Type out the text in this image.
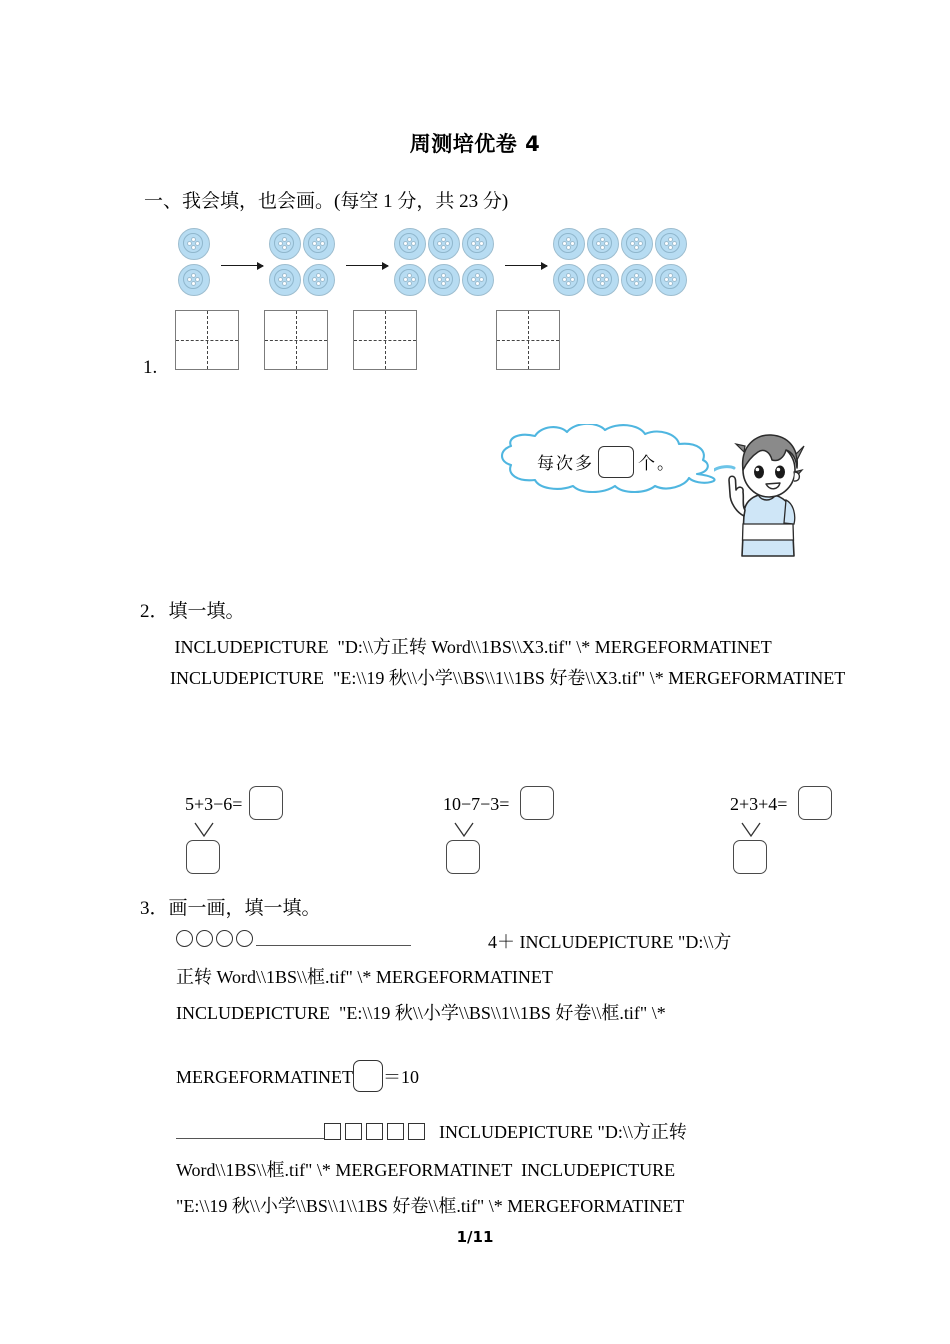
周测培优卷 4
一、我会填，也会画。(每空 1 分，共 23 分)

1.
每次多	个。
2．填一填。
INCLUDEPICTURE  "D:\\方正转 Word\\1BS\\X3.tif" \* MERGEFORMATINET  INCLUDEPICTURE  "E:\\19 秋\\小学\\BS\\1\\1BS 好卷\\X3.tif" \* MERGEFORMATINET
5+3−6=	10−7−3=	2+3+4=
3．画一画，填一填。

4＋ INCLUDEPICTURE "D:\\方
正转 Word\\1BS\\框.tif" \* MERGEFORMATINET
INCLUDEPICTURE  "E:\\19 秋\\小学\\BS\\1\\1BS 好卷\\框.tif" \*
MERGEFORMATINET ＝10
INCLUDEPICTURE "D:\\方正转
Word\\1BS\\框.tif" \* MERGEFORMATINET  INCLUDEPICTURE
"E:\\19 秋\\小学\\BS\\1\\1BS 好卷\\框.tif" \* MERGEFORMATINET
1/11
